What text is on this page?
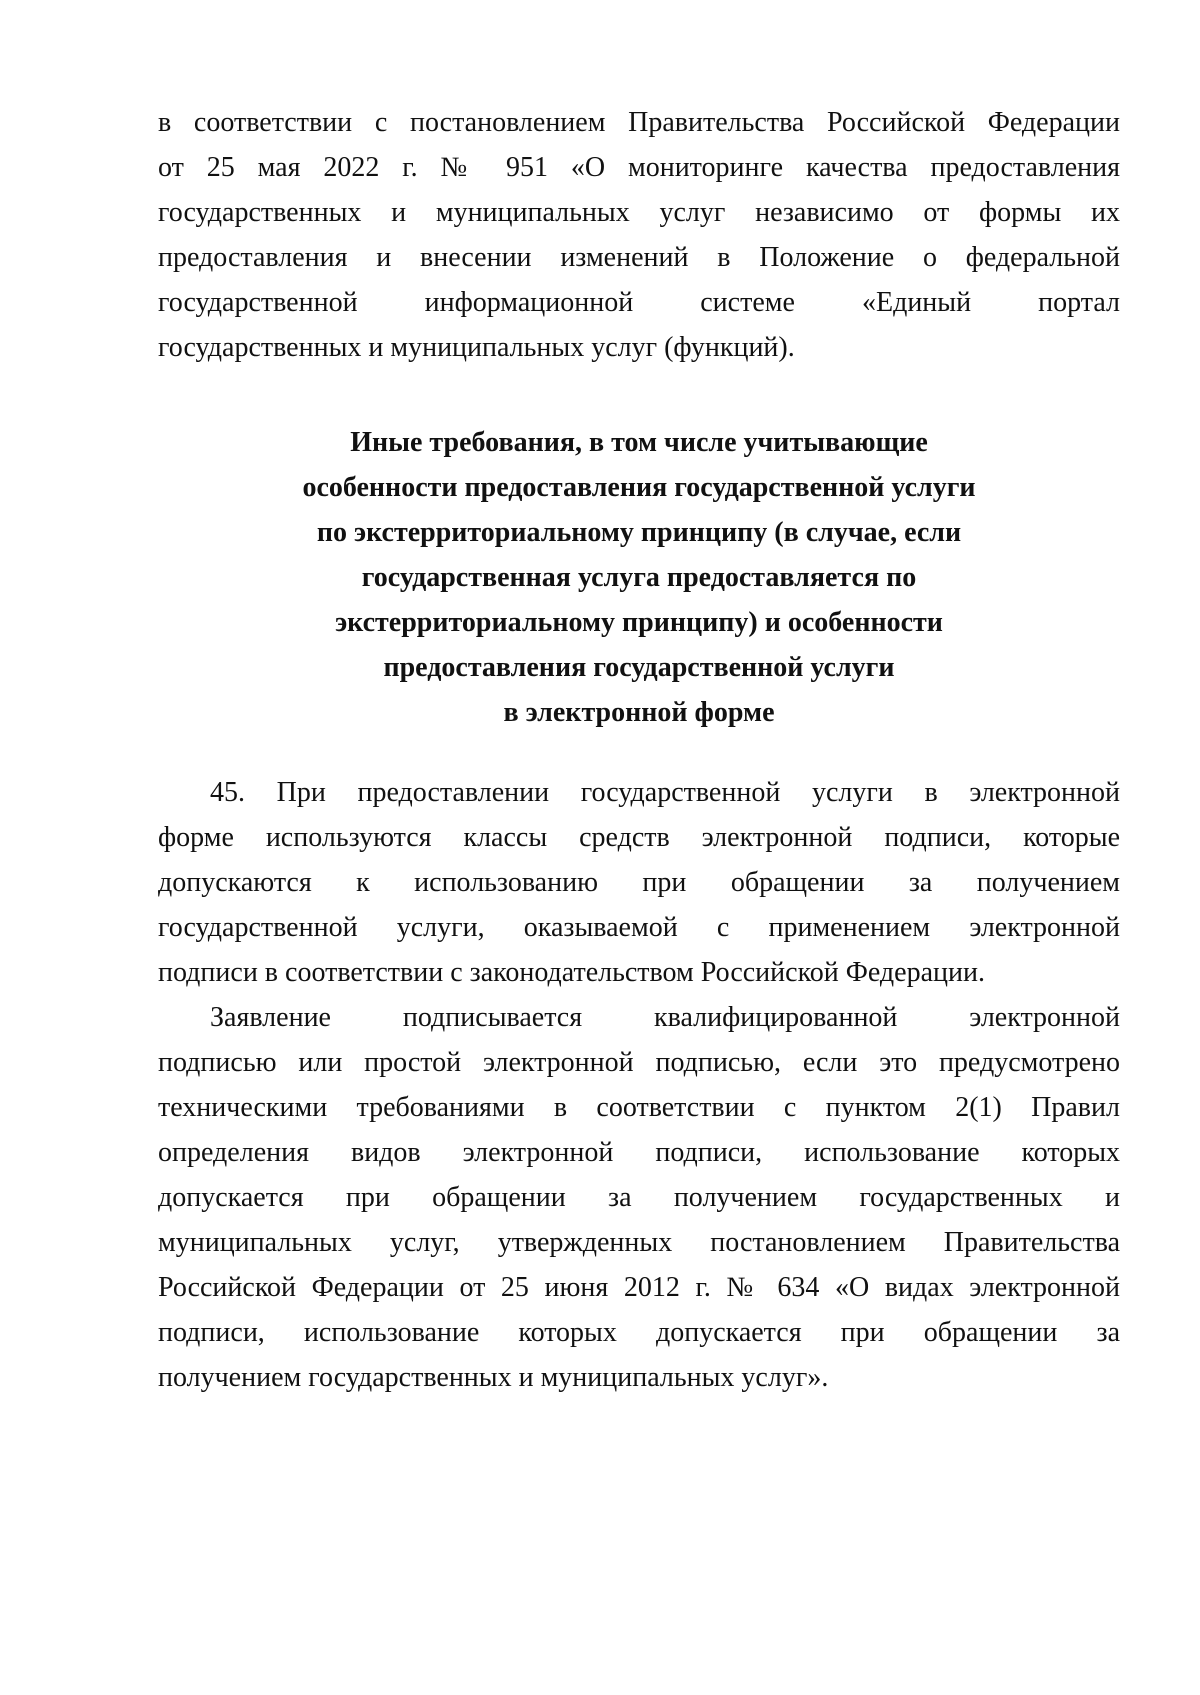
в соответствии с постановлением Правительства Российской Федерации
от 25 мая 2022 г. № 951 «О мониторинге качества предоставления
государственных и муниципальных услуг независимо от формы их
предоставления и внесении изменений в Положение о федеральной
государственной информационной системе «Единый портал
государственных и муниципальных услуг (функций).
Иные требования, в том числе учитывающие
особенности предоставления государственной услуги
по экстерриториальному принципу (в случае, если
государственная услуга предоставляется по
экстерриториальному принципу) и особенности
предоставления государственной услуги
в электронной форме
45. При предоставлении государственной услуги в электронной
форме используются классы средств электронной подписи, которые
допускаются к использованию при обращении за получением
государственной услуги, оказываемой с применением электронной
подписи в соответствии с законодательством Российской Федерации.
Заявление подписывается квалифицированной электронной
подписью или простой электронной подписью, если это предусмотрено
техническими требованиями в соответствии с пунктом 2(1) Правил
определения видов электронной подписи, использование которых
допускается при обращении за получением государственных и
муниципальных услуг, утвержденных постановлением Правительства
Российской Федерации от 25 июня 2012 г. № 634 «О видах электронной
подписи, использование которых допускается при обращении за
получением государственных и муниципальных услуг».
